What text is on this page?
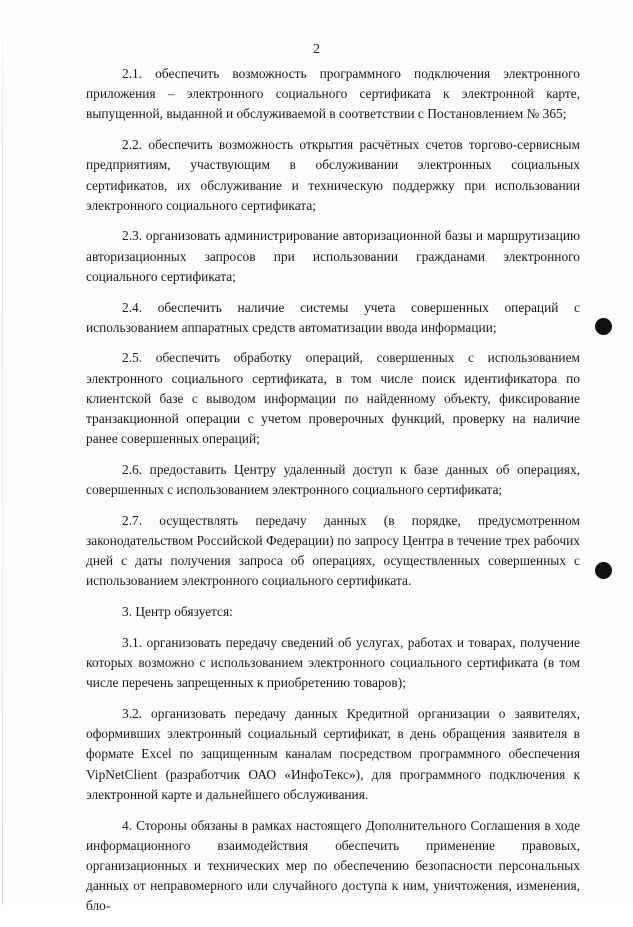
2

2.1. обеспечить возможность программного подключения электронного приложения – электронного социального сертификата к электронной карте, выпущенной, выданной и обслуживаемой в соответствии с Постановлением № 365;

2.2. обеспечить возможность открытия расчётных счетов торгово-сервисным предприятиям, участвующим в обслуживании электронных социальных сертификатов, их обслуживание и техническую поддержку при использовании электронного социального сертификата;

2.3. организовать администрирование авторизационной базы и маршрутизацию авторизационных запросов при использовании гражданами электронного социального сертификата;

2.4. обеспечить наличие системы учета совершенных операций с использованием аппаратных средств автоматизации ввода информации;

2.5. обеспечить обработку операций, совершенных с использованием электронного социального сертификата, в том числе поиск идентификатора по клиентской базе с выводом информации по найденному объекту, фиксирование транзакционной операции с учетом проверочных функций, проверку на наличие ранее совершенных операций;

2.6. предоставить Центру удаленный доступ к базе данных об операциях, совершенных с использованием электронного социального сертификата;

2.7. осуществлять передачу данных (в порядке, предусмотренном законодательством Российской Федерации) по запросу Центра в течение трех рабочих дней с даты получения запроса об операциях, осуществленных совершенных с использованием электронного социального сертификата.

3. Центр обязуется:

3.1. организовать передачу сведений об услугах, работах и товарах, получение которых возможно с использованием электронного социального сертификата (в том числе перечень запрещенных к приобретению товаров);

3.2. организовать передачу данных Кредитной организации о заявителях, оформивших электронный социальный сертификат, в день обращения заявителя в формате Excel по защищенным каналам посредством программного обеспечения VipNetClient (разработчик ОАО «ИнфоТекс»), для программного подключения к электронной карте и дальнейшего обслуживания.

4. Стороны обязаны в рамках настоящего Дополнительного Соглашения в ходе информационного взаимодействия обеспечить применение правовых, организационных и технических мер по обеспечению безопасности персональных данных от неправомерного или случайного доступа к ним, уничтожения, изменения, бло-
